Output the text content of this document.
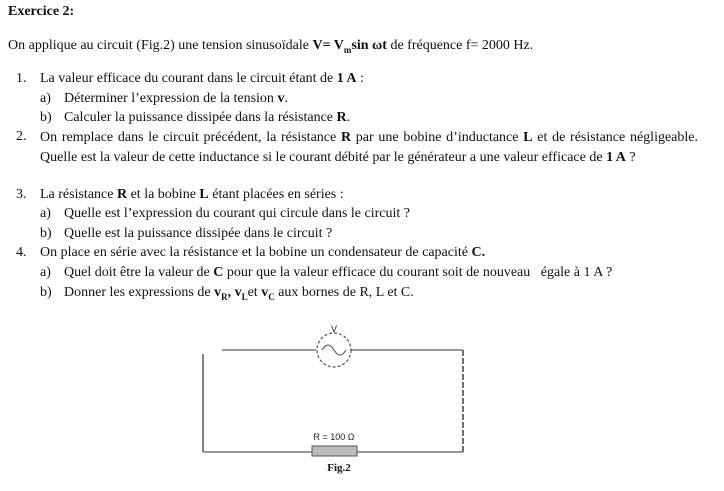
Exercice 2:
On applique au circuit (Fig.2) une tension sinusoïdale $V= V_m\sin$ ωt de fréquence f= 2000 Hz.
1. La valeur efficace du courant dans le circuit étant de 1 A :
a) Déterminer l’expression de la tension v.
b) Calculer la puissance dissipée dans la résistance R.
2. On remplace dans le circuit précédent, la résistance R par une bobine d’inductance L et de résistance négligeable. Quelle est la valeur de cette inductance si le courant débité par le générateur a une valeur efficace de 1 A ?
3. La résistance R et la bobine L étant placées en séries :
a) Quelle est l’expression du courant qui circule dans le circuit ?
b) Quelle est la puissance dissipée dans le circuit ?
4. On place en série avec la résistance et la bobine un condensateur de capacité C.
a) Quel doit être la valeur de C pour que la valeur efficace du courant soit de nouveau   égale à 1 A ?
b) Donner les expressions de $v_R$, $v_Let$ $v_C$ aux bornes de R, L et C.
V
R = 100 Ω
Fig.2
